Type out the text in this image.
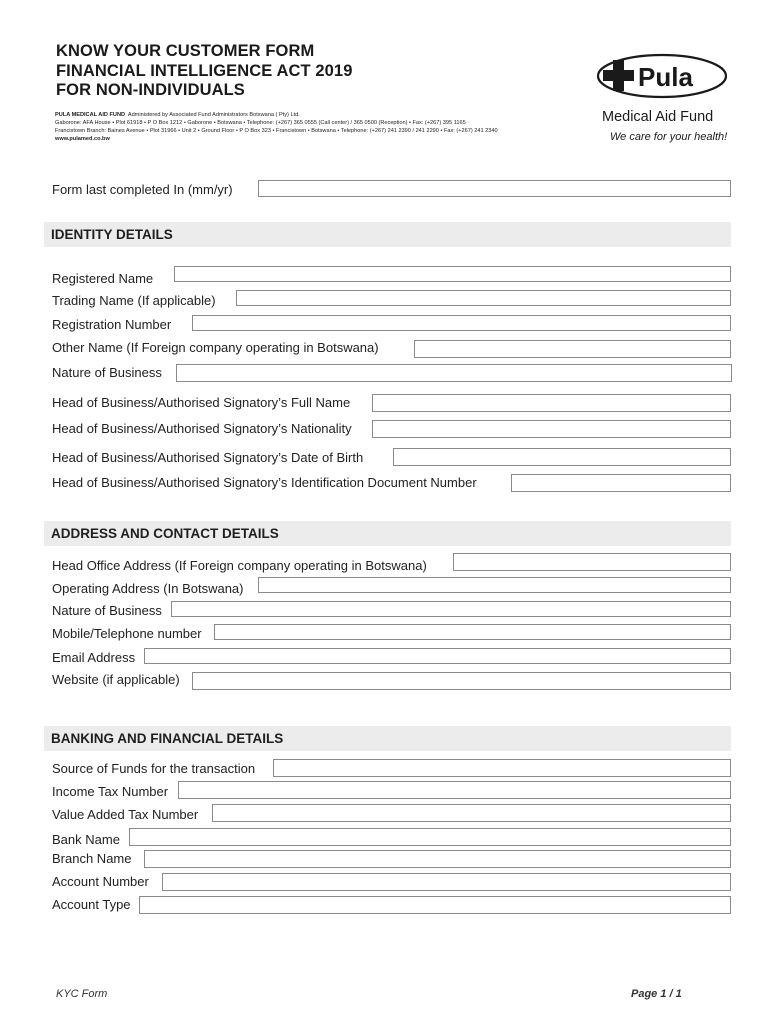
KNOW YOUR CUSTOMER FORM
FINANCIAL INTELLIGENCE ACT 2019
FOR NON-INDIVIDUALS
PULA MEDICAL AID FUND Administered by Associated Fund Administrators Botswana ( Pty) Ltd.
Gaborone: AFA House • Plot 61918 • P O Box 1212 • Gaborone • Botswana • Telephone: (+267) 365 0555 (Call center) / 365 0500 (Reception) • Fax: (+267) 395 1165
Francistown Branch: Baines Avenue • Plot 31966 • Unit 2 • Ground Floor • P O Box 323 • Francistown • Botswana • Telephone: (+267) 241 2390 / 241 2290 • Fax: (+267) 241 2340
www.pulamed.co.bw
Pula
Medical Aid Fund
We care for your health!
Form last completed In (mm/yr)
IDENTITY DETAILS
Registered Name
Trading Name (If applicable)
Registration Number
Other Name (If Foreign company operating in Botswana)
Nature of Business
Head of Business/Authorised Signatory’s Full Name
Head of Business/Authorised Signatory’s Nationality
Head of Business/Authorised Signatory’s Date of Birth
Head of Business/Authorised Signatory’s Identification Document Number
ADDRESS AND CONTACT DETAILS
Head Office Address (If Foreign company operating in Botswana)
Operating Address (In Botswana)
Nature of Business
Mobile/Telephone number
Email Address
Website (if applicable)
BANKING AND FINANCIAL DETAILS
Source of Funds for the transaction
Income Tax Number
Value Added Tax Number
Bank Name
Branch Name
Account Number
Account Type
KYC Form	Page 1 / 1
